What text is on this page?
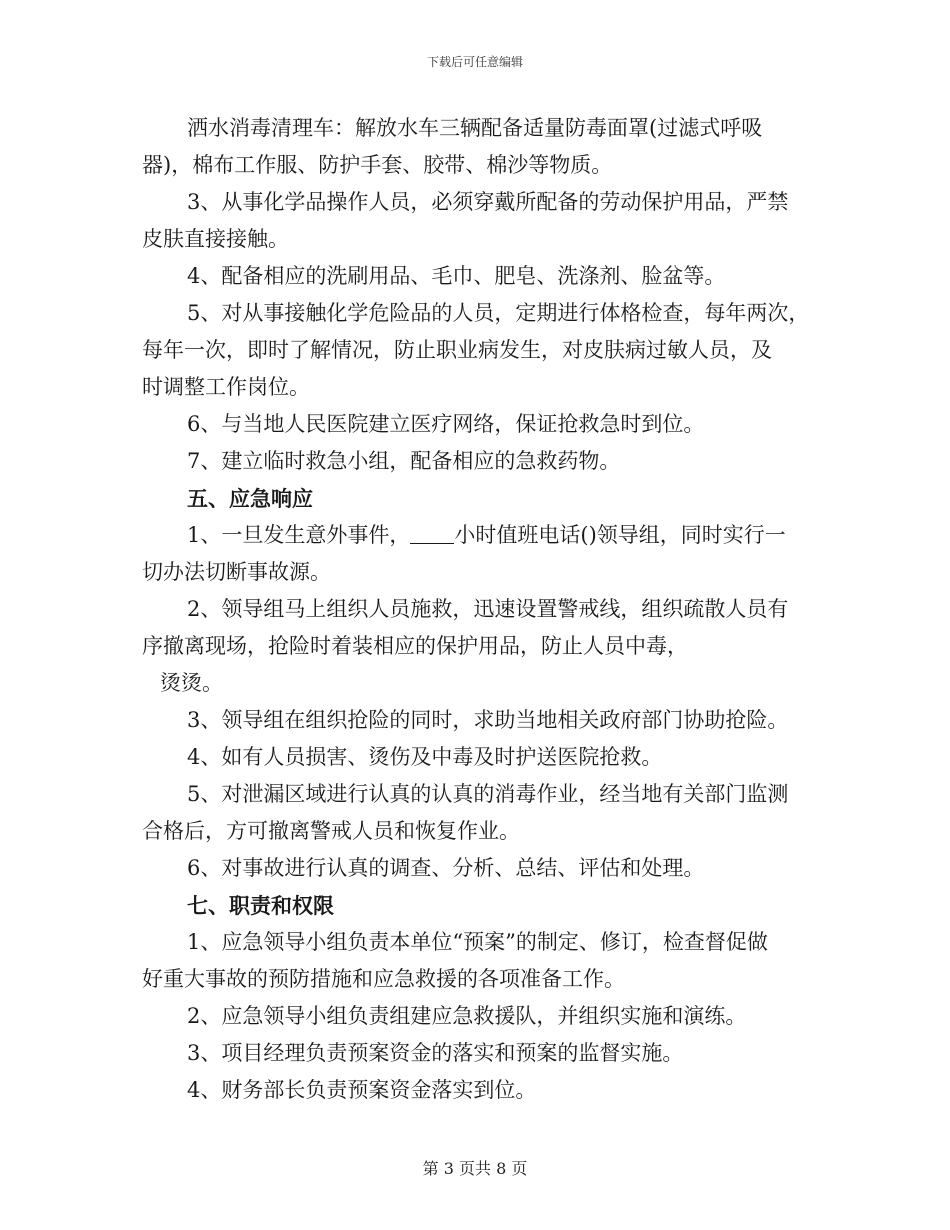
下载后可任意编辑
洒水消毒清理车：解放水车三辆配备适量防毒面罩(过滤式呼吸
器)，棉布工作服、防护手套、胶带、棉沙等物质。
3、从事化学品操作人员，必须穿戴所配备的劳动保护用品，严禁
皮肤直接接触。
4、配备相应的洗刷用品、毛巾、肥皂、洗涤剂、脸盆等。
5、对从事接触化学危险品的人员，定期进行体格检查，每年两次，
每年一次，即时了解情况，防止职业病发生，对皮肤病过敏人员，及
时调整工作岗位。
6、与当地人民医院建立医疗网络，保证抢救急时到位。
7、建立临时救急小组，配备相应的急救药物。
五、应急响应
1、一旦发生意外事件， 小时值班电话()领导组，同时实行一
切办法切断事故源。
2、领导组马上组织人员施救，迅速设置警戒线，组织疏散人员有
序撤离现场，抢险时着装相应的保护用品，防止人员中毒，
烫烫。
3、领导组在组织抢险的同时，求助当地相关政府部门协助抢险。
4、如有人员损害、烫伤及中毒及时护送医院抢救。
5、对泄漏区域进行认真的认真的消毒作业，经当地有关部门监测
合格后，方可撤离警戒人员和恢复作业。
6、对事故进行认真的调查、分析、总结、评估和处理。
七、职责和权限
1、应急领导小组负责本单位“预案”的制定、修订，检查督促做
好重大事故的预防措施和应急救援的各项准备工作。
2、应急领导小组负责组建应急救援队，并组织实施和演练。
3、项目经理负责预案资金的落实和预案的监督实施。
4、财务部长负责预案资金落实到位。
第 3 页共 8 页
